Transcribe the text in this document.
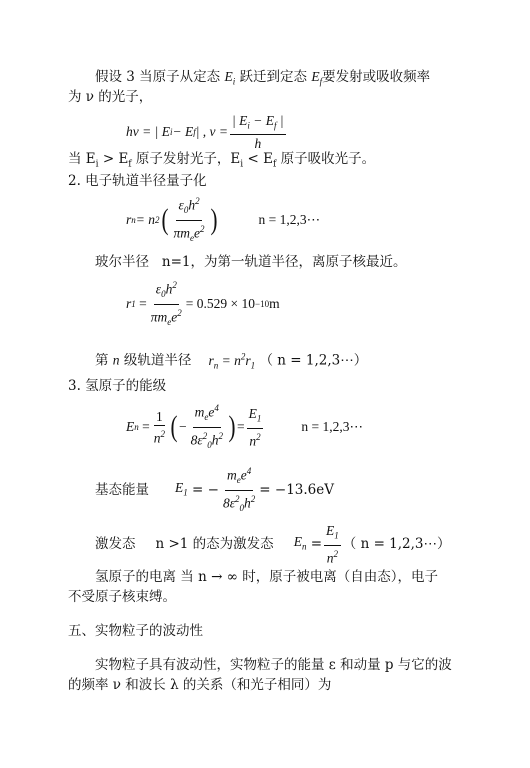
假设 3 当原子从定态 $E_i$ 跃迁到定态 $E_f$要发射或吸收频率
为 ν 的光子，
hν = | E i − E f | , $\nu = \frac{| E_i - E_f |}{h}$
当 $E_i > E_f$ 原子发射光子，$E_i < E_f$ 原子吸收光子。
2. 电子轨道半径量子化
r n = n 2 ( $\frac{\varepsilon_0h^2}{\pi m_ee^2}$ )	n = 1,2,3⋯
玻尔半径 n=1，为第一轨道半径，离原子核最近。
r $1 = \frac{\varepsilon_0h^2}{\pi m_ee^2} = 0.529 \times 10 -10$ m
第 n 级轨道半径 $r_n = n^2r_1$ （ n = 1,2,3⋯）
3. 氢原子的能级
E $n = \frac{1}{n^2}$ ( − $\frac{m_ee^4}{8\varepsilon^2_0h^2}$ ) = $\frac{E_1}{n^2}$	n = 1,2,3⋯
基态能量 $E_1$ = − $\frac{m_ee^4}{8\varepsilon^2_0h^2} = -13.6eV$
激发态 n >1 的态为激发态 $E_n = \frac{E_1}{n^2}$ （ n = 1,2,3⋯）
氢原子的电离 当 n → ∞ 时，原子被电离（自由态），电子
不受原子核束缚。
五、实物粒子的波动性
实物粒子具有波动性，实物粒子的能量 ε 和动量 p 与它的波
的频率 ν 和波长 λ 的关系（和光子相同）为
